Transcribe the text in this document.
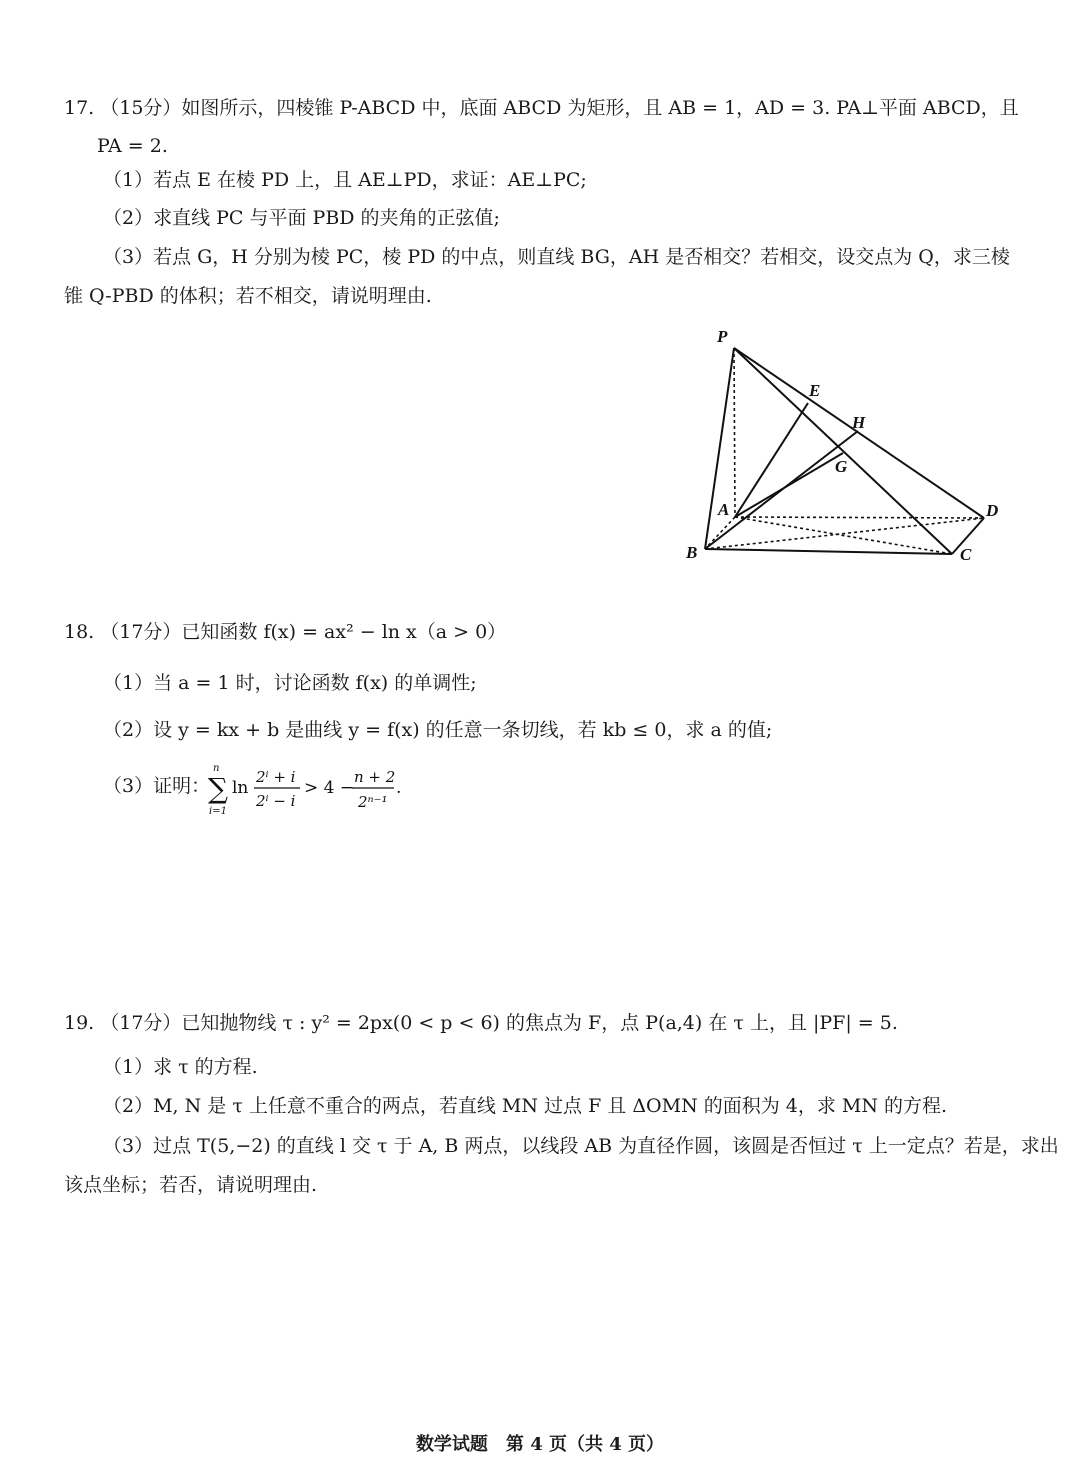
17. （15分）如图所示，四棱锥 P-ABCD 中，底面 ABCD 为矩形，且 AB = 1，AD = 3. PA⊥平面 ABCD，且
PA = 2.
（1）若点 E 在棱 PD 上，且 AE⊥PD，求证：AE⊥PC;
（2）求直线 PC 与平面 PBD 的夹角的正弦值;
（3）若点 G，H 分别为棱 PC，棱 PD 的中点，则直线 BG，AH 是否相交？若相交，设交点为 Q，求三棱
锥 Q-PBD 的体积；若不相交，请说明理由.
P
E
H
G
A	D
B	C
18. （17分）已知函数 f(x) = ax² − ln x（a > 0）
（1）当 a = 1 时，讨论函数 f(x) 的单调性;
（2）设 y = kx + b 是曲线 y = f(x) 的任意一条切线，若 kb ≤ 0，求 a 的值;
（3）证明：
n
∑
i=1
ln
2ⁱ + i
2ⁱ − i
> 4 −
n + 2
2ⁿ⁻¹
.
19. （17分）已知抛物线 τ : y² = 2px(0 < p < 6) 的焦点为 F，点 P(a,4) 在 τ 上，且 |PF| = 5.
（1）求 τ 的方程.
（2）M, N 是 τ 上任意不重合的两点，若直线 MN 过点 F 且 ΔOMN 的面积为 4，求 MN 的方程.
（3）过点 T(5,−2) 的直线 l 交 τ 于 A, B 两点，以线段 AB 为直径作圆，该圆是否恒过 τ 上一定点？若是，求出
该点坐标；若否，请说明理由.
数学试题　第 4 页（共 4 页）
